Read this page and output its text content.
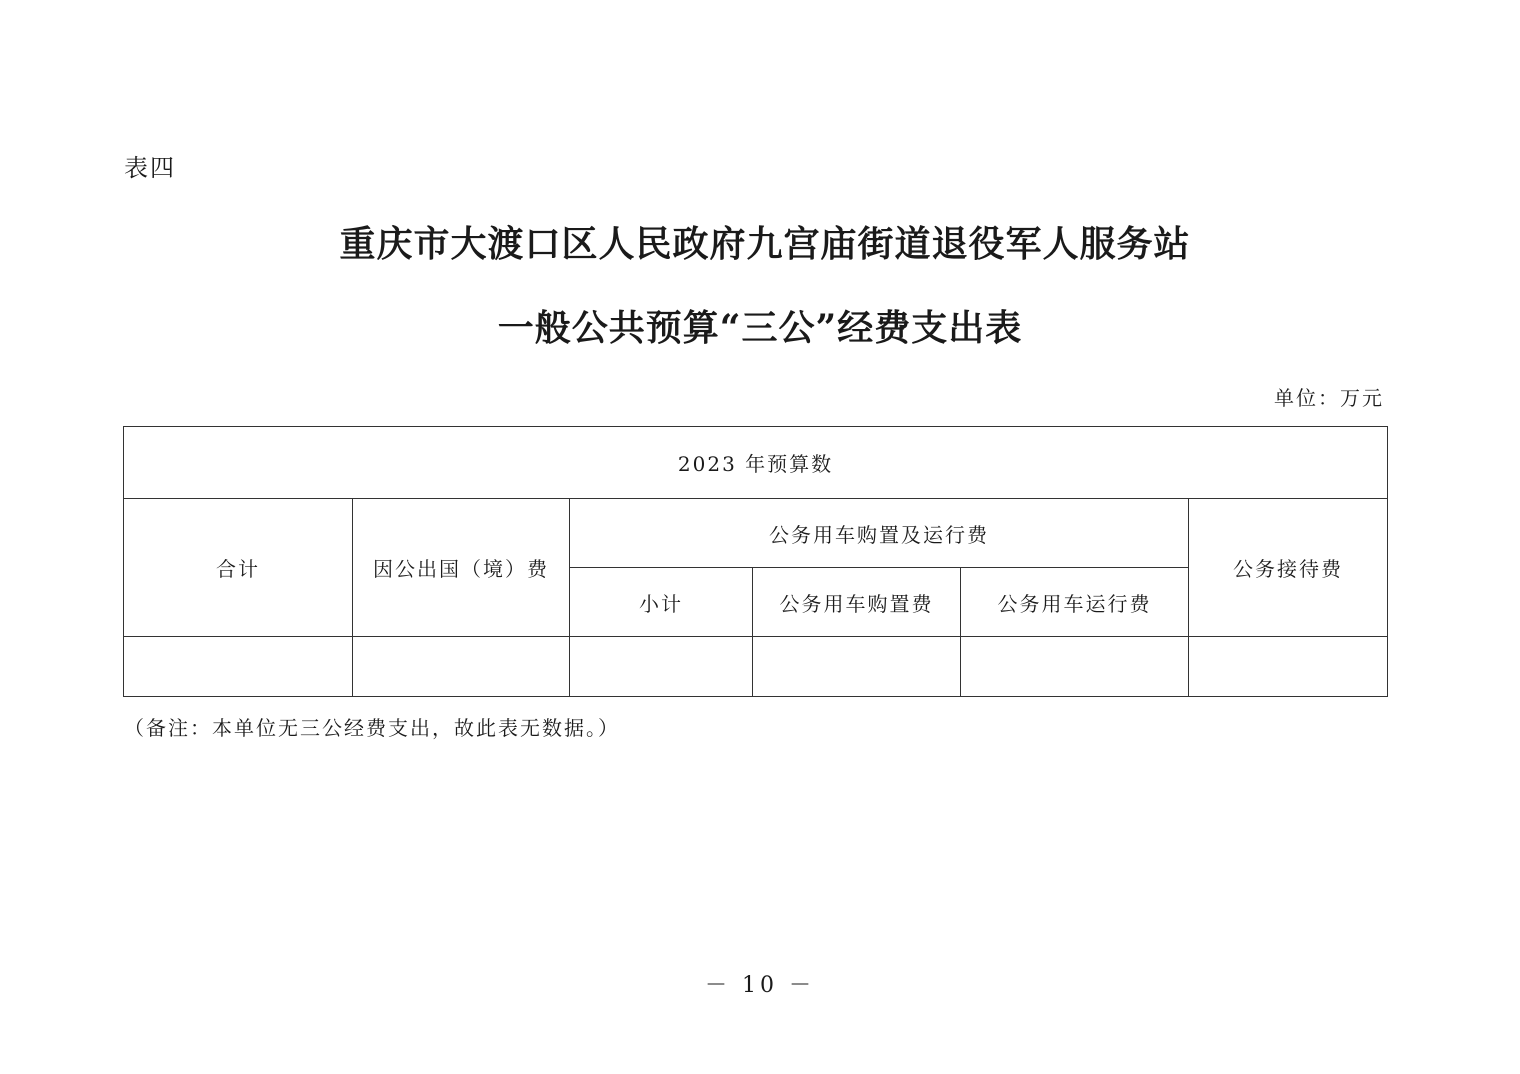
表四
重庆市大渡口区人民政府九宫庙街道退役军人服务站
一般公共预算“三公”经费支出表
单位：万元
2023 年预算数					
合计	因公出国（境）费	公务用车购置及运行费			公务接待费
		小计	公务用车购置费	公务用车运行费	

（备注：本单位无三公经费支出，故此表无数据。）
－ 10 －
